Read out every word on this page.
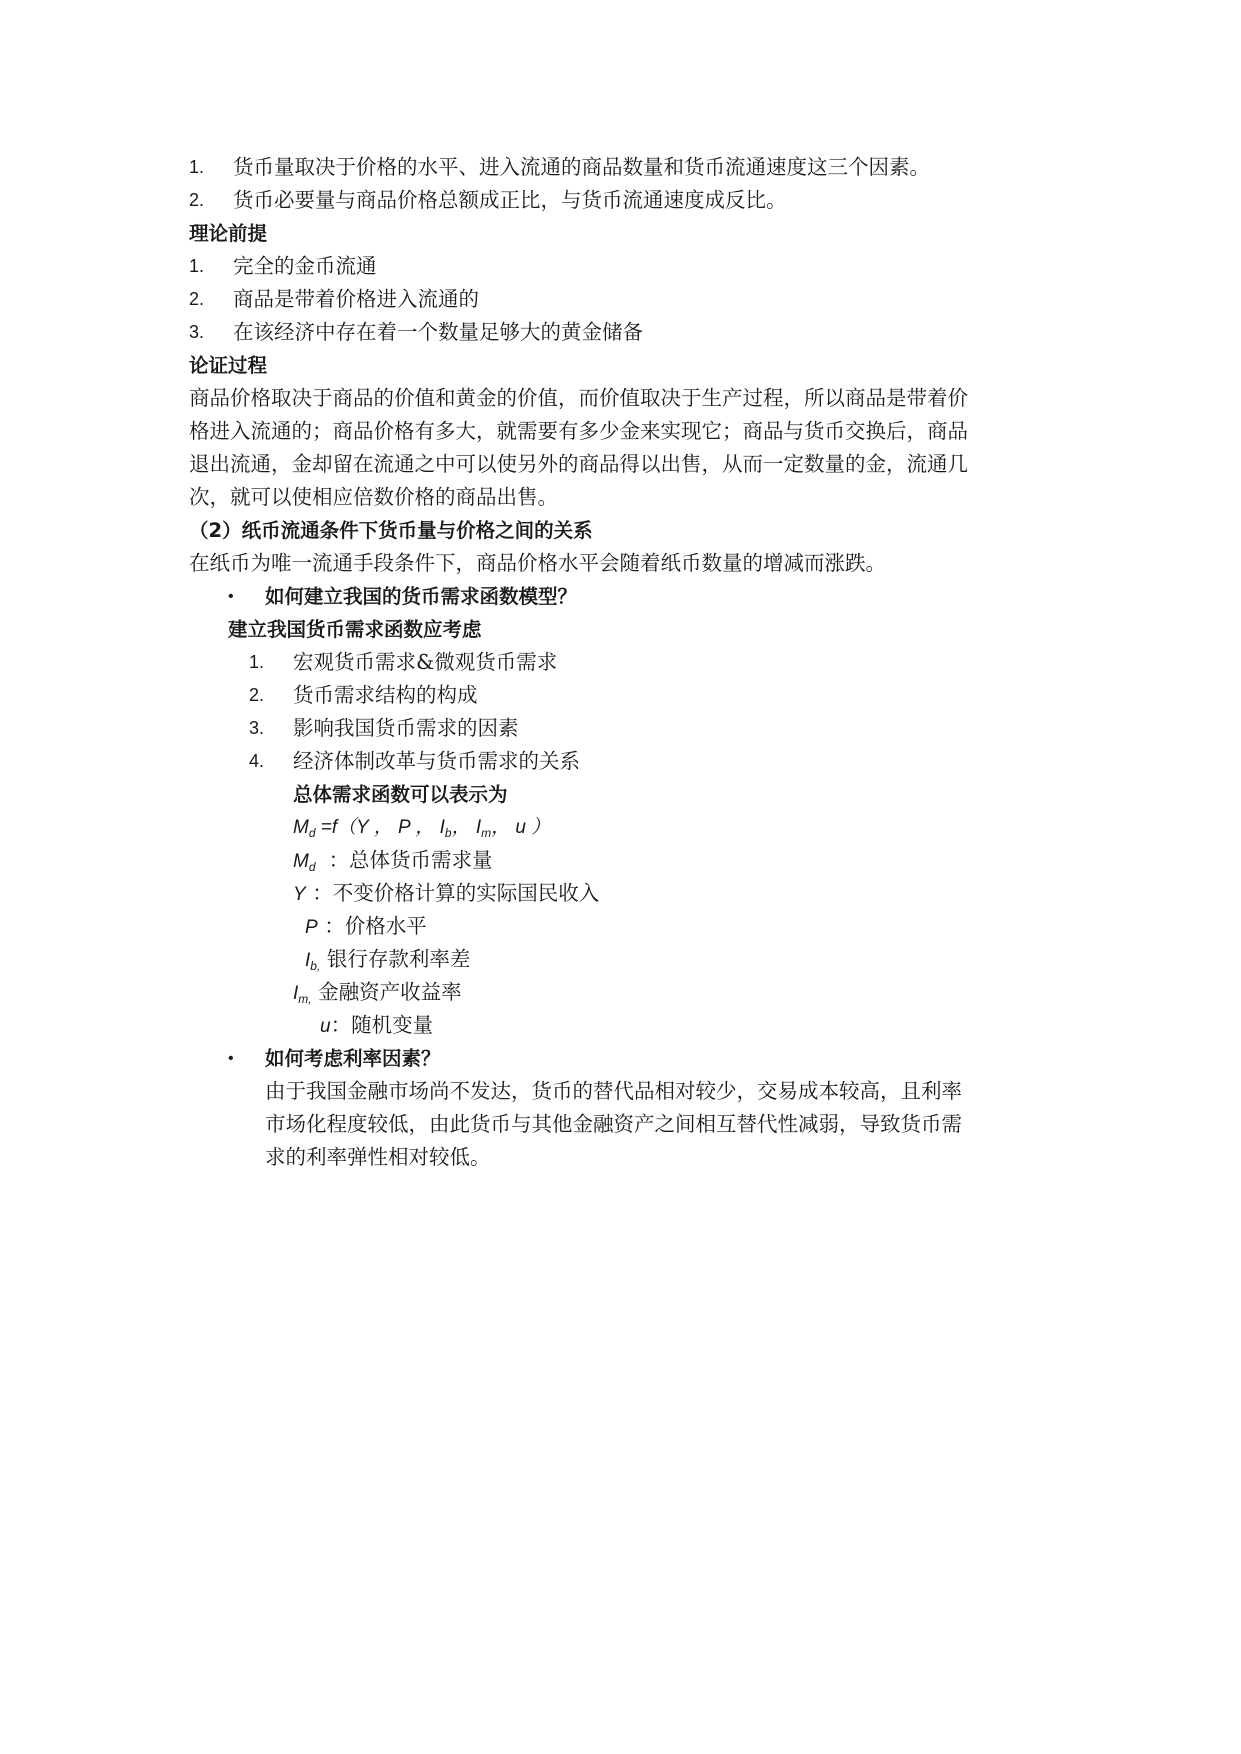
1. 货币量取决于价格的水平、进入流通的商品数量和货币流通速度这三个因素。
2. 货币必要量与商品价格总额成正比，与货币流通速度成反比。
理论前提
1. 完全的金币流通
2. 商品是带着价格进入流通的
3. 在该经济中存在着一个数量足够大的黄金储备
论证过程
商品价格取决于商品的价值和黄金的价值，而价值取决于生产过程，所以商品是带着价
格进入流通的；商品价格有多大，就需要有多少金来实现它；商品与货币交换后，商品
退出流通，金却留在流通之中可以使另外的商品得以出售，从而一定数量的金，流通几
次，就可以使相应倍数价格的商品出售。
（2）纸币流通条件下货币量与价格之间的关系
在纸币为唯一流通手段条件下，商品价格水平会随着纸币数量的增减而涨跌。
• 如何建立我国的货币需求函数模型？
建立我国货币需求函数应考虑
1. 宏观货币需求&微观货币需求
2. 货币需求结构的构成
3. 影响我国货币需求的因素
4. 经济体制改革与货币需求的关系
总体需求函数可以表示为
$M_d =f(Y$ ， P ， $I_b$， $I_m$， u ）
$M_d$ ：总体货币需求量
Y ：不变价格计算的实际国民收入
P ：价格水平
$I_{b,}$ 银行存款利率差
$I_{m,}$ 金融资产收益率
u：随机变量
• 如何考虑利率因素？
由于我国金融市场尚不发达，货币的替代品相对较少，交易成本较高，且利率
市场化程度较低，由此货币与其他金融资产之间相互替代性减弱，导致货币需
求的利率弹性相对较低。
